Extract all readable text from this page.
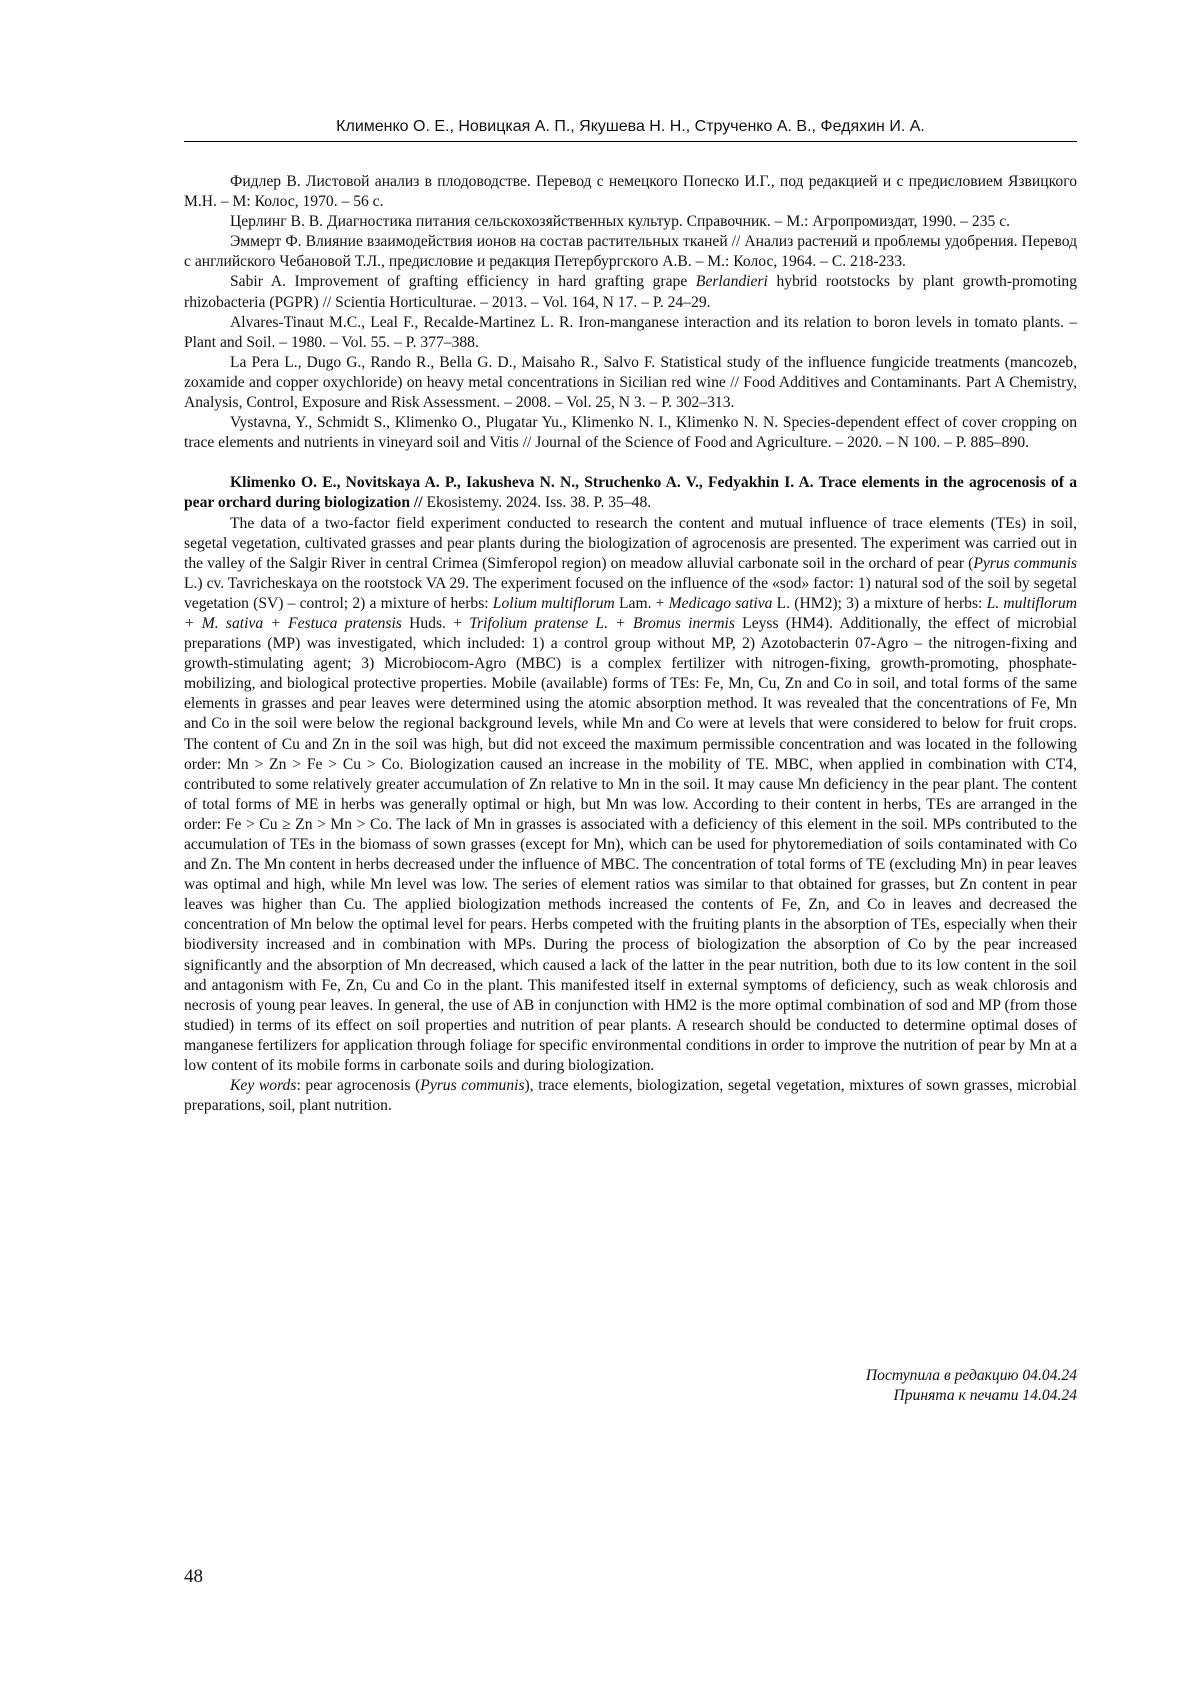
Клименко О. Е., Новицкая А. П., Якушева Н. Н., Струченко А. В., Федяхин И. А.

Фидлер В. Листовой анализ в плодоводстве. Перевод с немецкого Попеско И.Г., под редакцией и с предисловием Язвицкого М.Н. – М: Колос, 1970. – 56 с.

Церлинг В. В. Диагностика питания сельскохозяйственных культур. Справочник. – М.: Агропромиздат, 1990. – 235 с.

Эммерт Ф. Влияние взаимодействия ионов на состав растительных тканей // Анализ растений и проблемы удобрения. Перевод с английского Чебановой Т.Л., предисловие и редакция Петербургского А.В. – М.: Колос, 1964. – С. 218-233.

Sabir A. Improvement of grafting efficiency in hard grafting grape Berlandieri hybrid rootstocks by plant growth-promoting rhizobacteria (PGPR) // Scientia Horticulturae. – 2013. – Vol. 164, N 17. – P. 24–29.

Alvares-Tinaut M.C., Leal F., Recalde-Martinez L. R. Iron-manganese interaction and its relation to boron levels in tomato plants. – Plant and Soil. – 1980. – Vol. 55. – P. 377–388.

La Pera L., Dugo G., Rando R., Bella G. D., Maisaho R., Salvo F. Statistical study of the influence fungicide treatments (mancozeb, zoxamide and copper oxychloride) on heavy metal concentrations in Sicilian red wine // Food Additives and Contaminants. Part A Chemistry, Analysis, Control, Exposure and Risk Assessment. – 2008. – Vol. 25, N 3. – P. 302–313.

Vystavna, Y., Schmidt S., Klimenko O., Plugatar Yu., Klimenko N. I., Klimenko N. N. Species-dependent effect of cover cropping on trace elements and nutrients in vineyard soil and Vitis // Journal of the Science of Food and Agriculture. – 2020. – N 100. – P. 885–890.

Klimenko O. E., Novitskaya A. P., Iakusheva N. N., Struchenko A. V., Fedyakhin I. A. Trace elements in the agrocenosis of a pear orchard during biologization // Ekosistemy. 2024. Iss. 38. P. 35–48.

The data of a two-factor field experiment conducted to research the content and mutual influence of trace elements (TEs) in soil, segetal vegetation, cultivated grasses and pear plants during the biologization of agrocenosis are presented. The experiment was carried out in the valley of the Salgir River in central Crimea (Simferopol region) on meadow alluvial carbonate soil in the orchard of pear (Pyrus communis L.) cv. Tavricheskaya on the rootstock VA 29. The experiment focused on the influence of the «sod» factor: 1) natural sod of the soil by segetal vegetation (SV) – control; 2) a mixture of herbs: Lolium multiflorum Lam. + Medicago sativa L. (HM2); 3) a mixture of herbs: L. multiflorum + M. sativa + Festuca pratensis Huds. + Trifolium pratense L. + Bromus inermis Leyss (HM4). Additionally, the effect of microbial preparations (MP) was investigated, which included: 1) a control group without MP, 2) Azotobacterin 07-Agro – the nitrogen-fixing and growth-stimulating agent; 3) Microbiocom-Agro (MBC) is a complex fertilizer with nitrogen-fixing, growth-promoting, phosphate-mobilizing, and biological protective properties. Mobile (available) forms of TEs: Fe, Mn, Cu, Zn and Co in soil, and total forms of the same elements in grasses and pear leaves were determined using the atomic absorption method. It was revealed that the concentrations of Fe, Mn and Co in the soil were below the regional background levels, while Mn and Co were at levels that were considered to below for fruit crops. The content of Cu and Zn in the soil was high, but did not exceed the maximum permissible concentration and was located in the following order: Mn > Zn > Fe > Cu > Co. Biologization caused an increase in the mobility of TE. MBC, when applied in combination with CT4, contributed to some relatively greater accumulation of Zn relative to Mn in the soil. It may cause Mn deficiency in the pear plant. The content of total forms of ME in herbs was generally optimal or high, but Mn was low. According to their content in herbs, TEs are arranged in the order: Fe > Cu ≥ Zn > Mn > Co. The lack of Mn in grasses is associated with a deficiency of this element in the soil. MPs contributed to the accumulation of TEs in the biomass of sown grasses (except for Mn), which can be used for phytoremediation of soils contaminated with Co and Zn. The Mn content in herbs decreased under the influence of MBC. The concentration of total forms of TE (excluding Mn) in pear leaves was optimal and high, while Mn level was low. The series of element ratios was similar to that obtained for grasses, but Zn content in pear leaves was higher than Cu. The applied biologization methods increased the contents of Fe, Zn, and Co in leaves and decreased the concentration of Mn below the optimal level for pears. Herbs competed with the fruiting plants in the absorption of TEs, especially when their biodiversity increased and in combination with MPs. During the process of biologization the absorption of Co by the pear increased significantly and the absorption of Mn decreased, which caused a lack of the latter in the pear nutrition, both due to its low content in the soil and antagonism with Fe, Zn, Cu and Co in the plant. This manifested itself in external symptoms of deficiency, such as weak chlorosis and necrosis of young pear leaves. In general, the use of AB in conjunction with HM2 is the more optimal combination of sod and MP (from those studied) in terms of its effect on soil properties and nutrition of pear plants. A research should be conducted to determine optimal doses of manganese fertilizers for application through foliage for specific environmental conditions in order to improve the nutrition of pear by Mn at a low content of its mobile forms in carbonate soils and during biologization.

Key words: pear agrocenosis (Pyrus communis), trace elements, biologization, segetal vegetation, mixtures of sown grasses, microbial preparations, soil, plant nutrition.

Поступила в редакцию 04.04.24
Принята к печати 14.04.24
48
